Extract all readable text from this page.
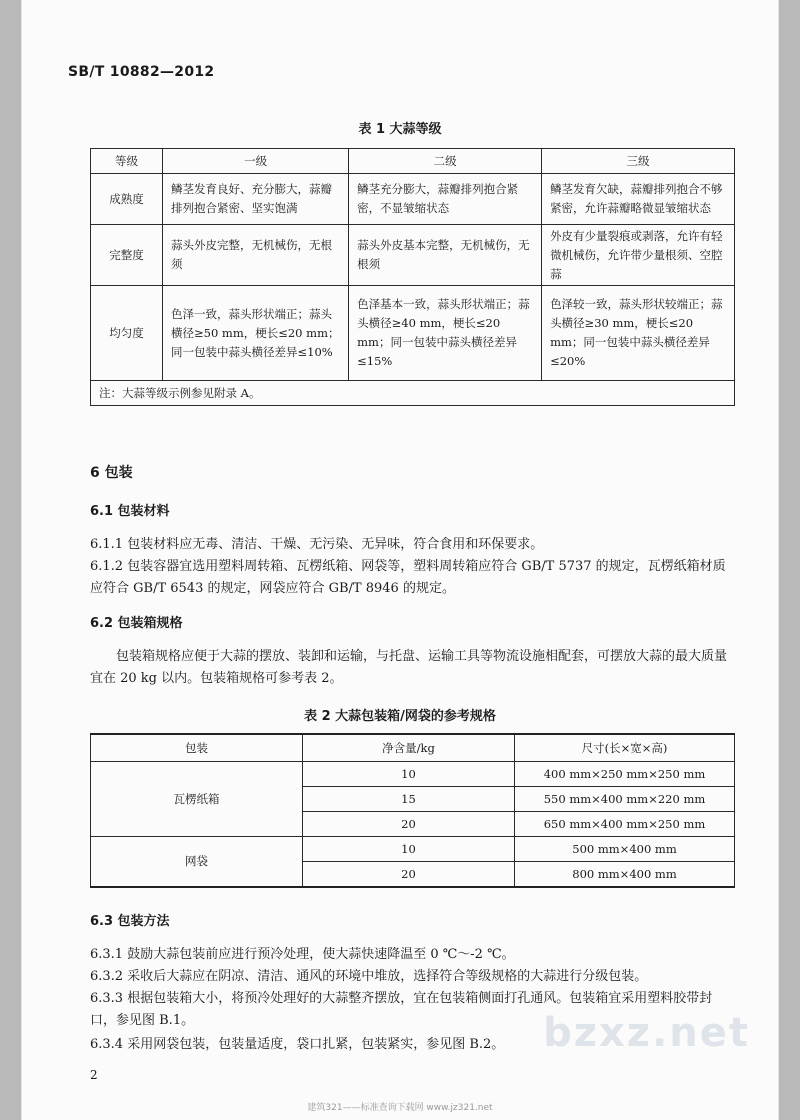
SB/T 10882—2012
表 1 大蒜等级
等级	一级	二级	三级
成熟度	鳞茎发育良好、充分膨大，蒜瓣排列抱合紧密、坚实饱满	鳞茎充分膨大，蒜瓣排列抱合紧密，不显皱缩状态	鳞茎发育欠缺，蒜瓣排列抱合不够紧密，允许蒜瓣略微显皱缩状态
完整度	蒜头外皮完整，无机械伤，无根须	蒜头外皮基本完整，无机械伤，无根须	外皮有少量裂痕或剥落，允许有轻微机械伤，允许带少量根须、空腔蒜
均匀度	色泽一致，蒜头形状端正；蒜头横径≥50 mm，梗长≤20 mm；同一包装中蒜头横径差异≤10%	色泽基本一致，蒜头形状端正；蒜头横径≥40 mm，梗长≤20 mm；同一包装中蒜头横径差异≤15%	色泽较一致，蒜头形状较端正；蒜头横径≥30 mm，梗长≤20 mm；同一包装中蒜头横径差异≤20%
注：大蒜等级示例参见附录 A。			
6 包装
6.1 包装材料
6.1.1 包装材料应无毒、清洁、干燥、无污染、无异味，符合食用和环保要求。
6.1.2 包装容器宜选用塑料周转箱、瓦楞纸箱、网袋等，塑料周转箱应符合 GB/T 5737 的规定，瓦楞纸箱材质应符合 GB/T 6543 的规定，网袋应符合 GB/T 8946 的规定。
6.2 包装箱规格
包装箱规格应便于大蒜的摆放、装卸和运输，与托盘、运输工具等物流设施相配套，可摆放大蒜的最大质量宜在 20 kg 以内。包装箱规格可参考表 2。
表 2 大蒜包装箱/网袋的参考规格
包装	净含量/kg	尺寸(长×宽×高)
瓦楞纸箱	10	400 mm×250 mm×250 mm
	15	550 mm×400 mm×220 mm
	20	650 mm×400 mm×250 mm
网袋	10	500 mm×400 mm
	20	800 mm×400 mm
6.3 包装方法
6.3.1 鼓励大蒜包装前应进行预冷处理，使大蒜快速降温至 0 ℃～-2 ℃。
6.3.2 采收后大蒜应在阴凉、清洁、通风的环境中堆放，选择符合等级规格的大蒜进行分级包装。
6.3.3 根据包装箱大小，将预冷处理好的大蒜整齐摆放，宜在包装箱侧面打孔通风。包装箱宜采用塑料胶带封口，参见图 B.1。
6.3.4 采用网袋包装，包装量适度，袋口扎紧，包装紧实，参见图 B.2。 bzxz.net
2
建筑321——标准查询下载网 www.jz321.net
